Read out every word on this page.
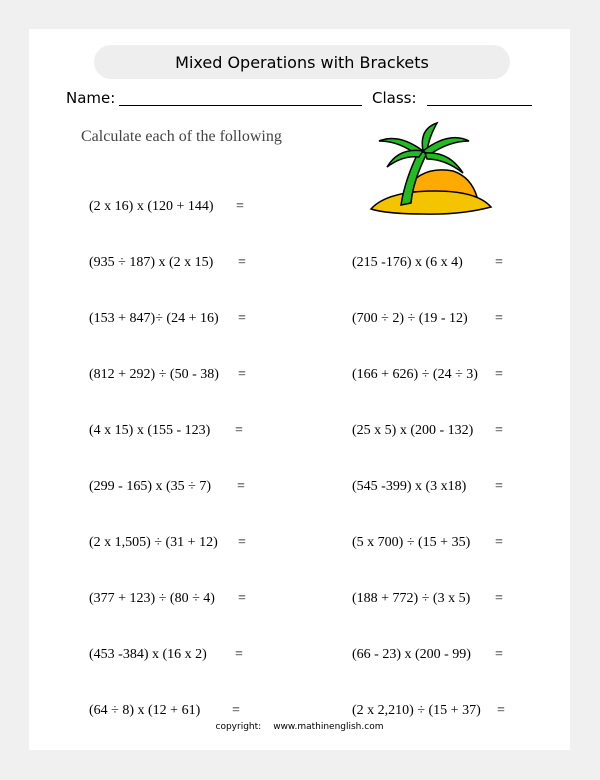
Mixed Operations with Brackets
Name:	Class:
Calculate each of the following
(2 x 16) x (120 + 144) =
(935 ÷ 187) x (2 x 15) =
(153 + 847)÷ (24 + 16) =
(812 + 292) ÷ (50 - 38) =
(4 x 15) x (155 - 123) =
(299 - 165) x (35 ÷ 7) =
(2 x 1,505) ÷ (31 + 12) =
(377 + 123) ÷ (80 ÷ 4) =
(453 -384) x (16 x 2) =
(64 ÷ 8) x (12 + 61) =
(215 -176) x (6 x 4) =
(700 ÷ 2) ÷ (19 - 12) =
(166 + 626) ÷ (24 ÷ 3) =
(25 x 5) x (200 - 132) =
(545 -399) x (3 x18) =
(5 x 700) ÷ (15 + 35) =
(188 + 772) ÷ (3 x 5) =
(66 - 23) x (200 - 99) =
(2 x 2,210) ÷ (15 + 37) =
copyright: www.mathinenglish.com
